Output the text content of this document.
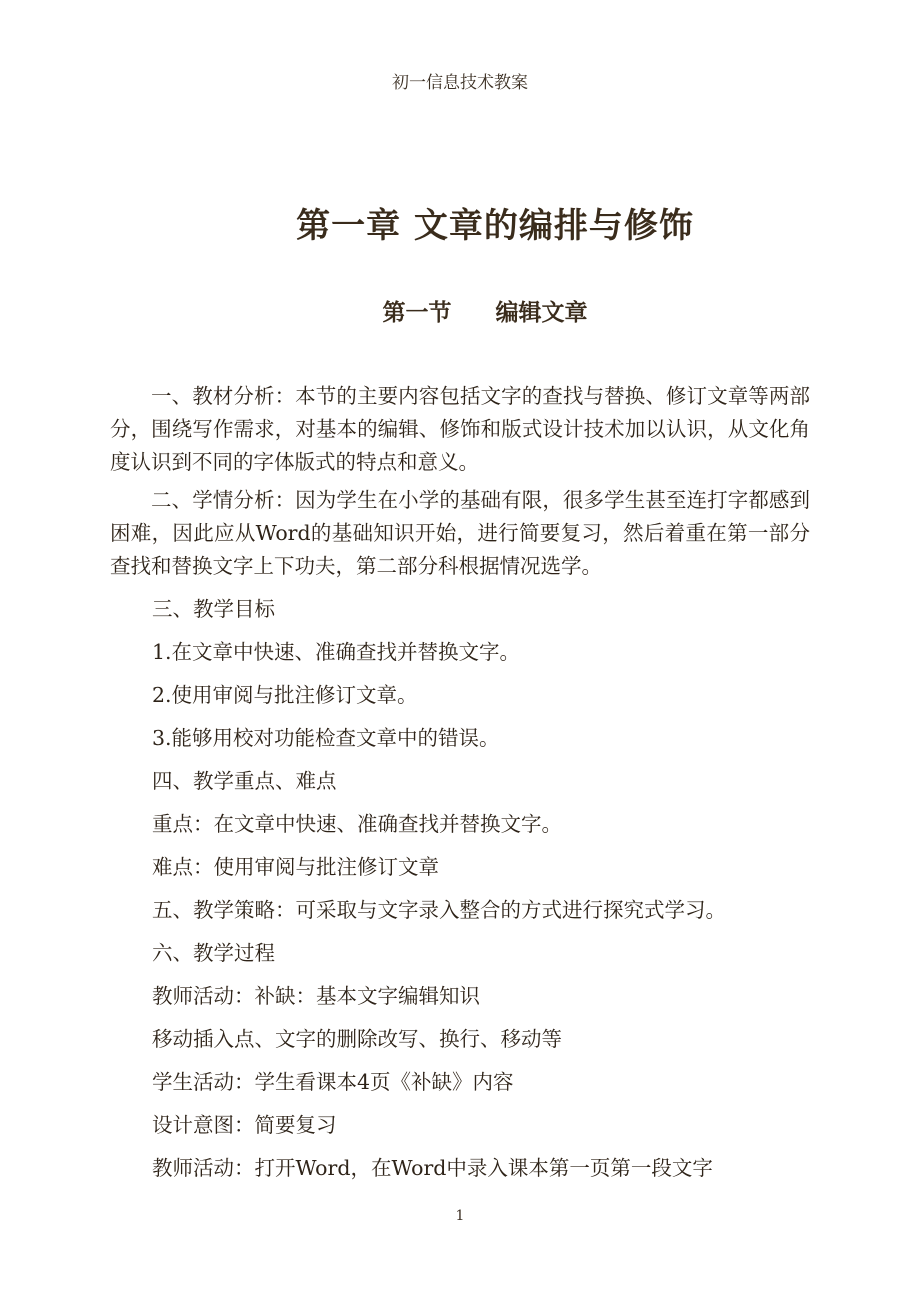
初一信息技术教案
第一章 文章的编排与修饰
第一节 编辑文章
一、教材分析：本节的主要内容包括文字的查找与替换、修订文章等两部分，围绕写作需求，对基本的编辑、修饰和版式设计技术加以认识，从文化角度认识到不同的字体版式的特点和意义。
二、学情分析：因为学生在小学的基础有限，很多学生甚至连打字都感到困难，因此应从Word的基础知识开始，进行简要复习，然后着重在第一部分查找和替换文字上下功夫，第二部分科根据情况选学。
三、教学目标
1.在文章中快速、准确查找并替换文字。
2.使用审阅与批注修订文章。
3.能够用校对功能检查文章中的错误。
四、教学重点、难点
重点：在文章中快速、准确查找并替换文字。
难点：使用审阅与批注修订文章
五、教学策略：可采取与文字录入整合的方式进行探究式学习。
六、教学过程
教师活动：补缺：基本文字编辑知识
移动插入点、文字的删除改写、换行、移动等
学生活动：学生看课本4页《补缺》内容
设计意图：简要复习
教师活动：打开Word，在Word中录入课本第一页第一段文字
1
